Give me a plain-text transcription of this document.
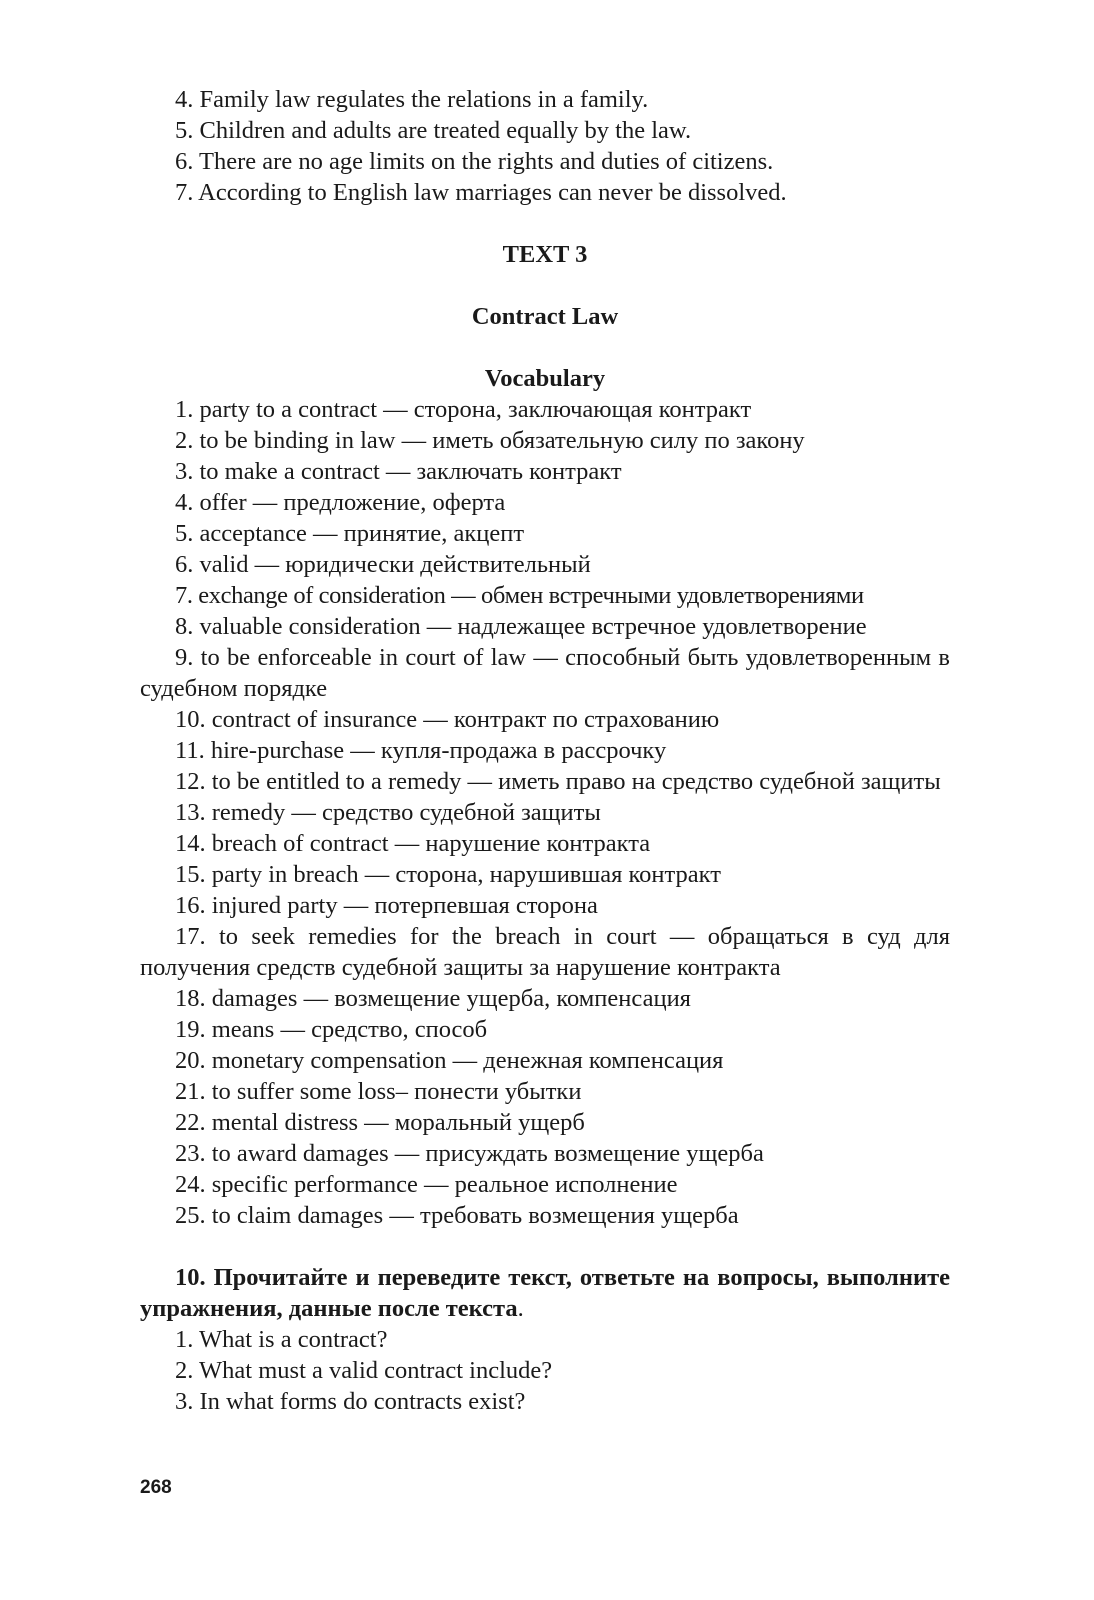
4. Family law regulates the relations in a family.
5. Children and adults are treated equally by the law.
6. There are no age limits on the rights and duties of citizens.
7. According to English law marriages can never be dissolved.
TEXT 3
Contract Law
Vocabulary
1. party to a contract — сторона, заключающая контракт
2. to be binding in law — иметь обязательную силу по закону
3. to make a contract — заключать контракт
4. offer — предложение, оферта
5. acceptance — принятие, акцепт
6. valid — юридически действительный
7. exchange of consideration — обмен встречными удовлетворениями
8. valuable consideration — надлежащее встречное удовлетворение
9. to be enforceable in court of law — способный быть удовлетворенным в судебном порядке
10. contract of insurance — контракт по страхованию
11. hire-purchase — купля-продажа в рассрочку
12. to be entitled to a remedy — иметь право на средство судебной защиты
13. remedy — средство судебной защиты
14. breach of contract — нарушение контракта
15. party in breach — сторона, нарушившая контракт
16. injured party — потерпевшая сторона
17. to seek remedies for the breach in court — обращаться в суд для получения средств судебной защиты за нарушение контракта
18. damages — возмещение ущерба, компенсация
19. means — средство, способ
20. monetary compensation — денежная компенсация
21. to suffer some loss– понести убытки
22. mental distress — моральный ущерб
23. to award damages — присуждать возмещение ущерба
24. specific performance — реальное исполнение
25. to claim damages — требовать возмещения ущерба
10. Прочитайте и переведите текст, ответьте на вопросы, выполните упражнения, данные после текста.
1. What is a contract?
2. What must a valid contract include?
3. In what forms do contracts exist?
268
